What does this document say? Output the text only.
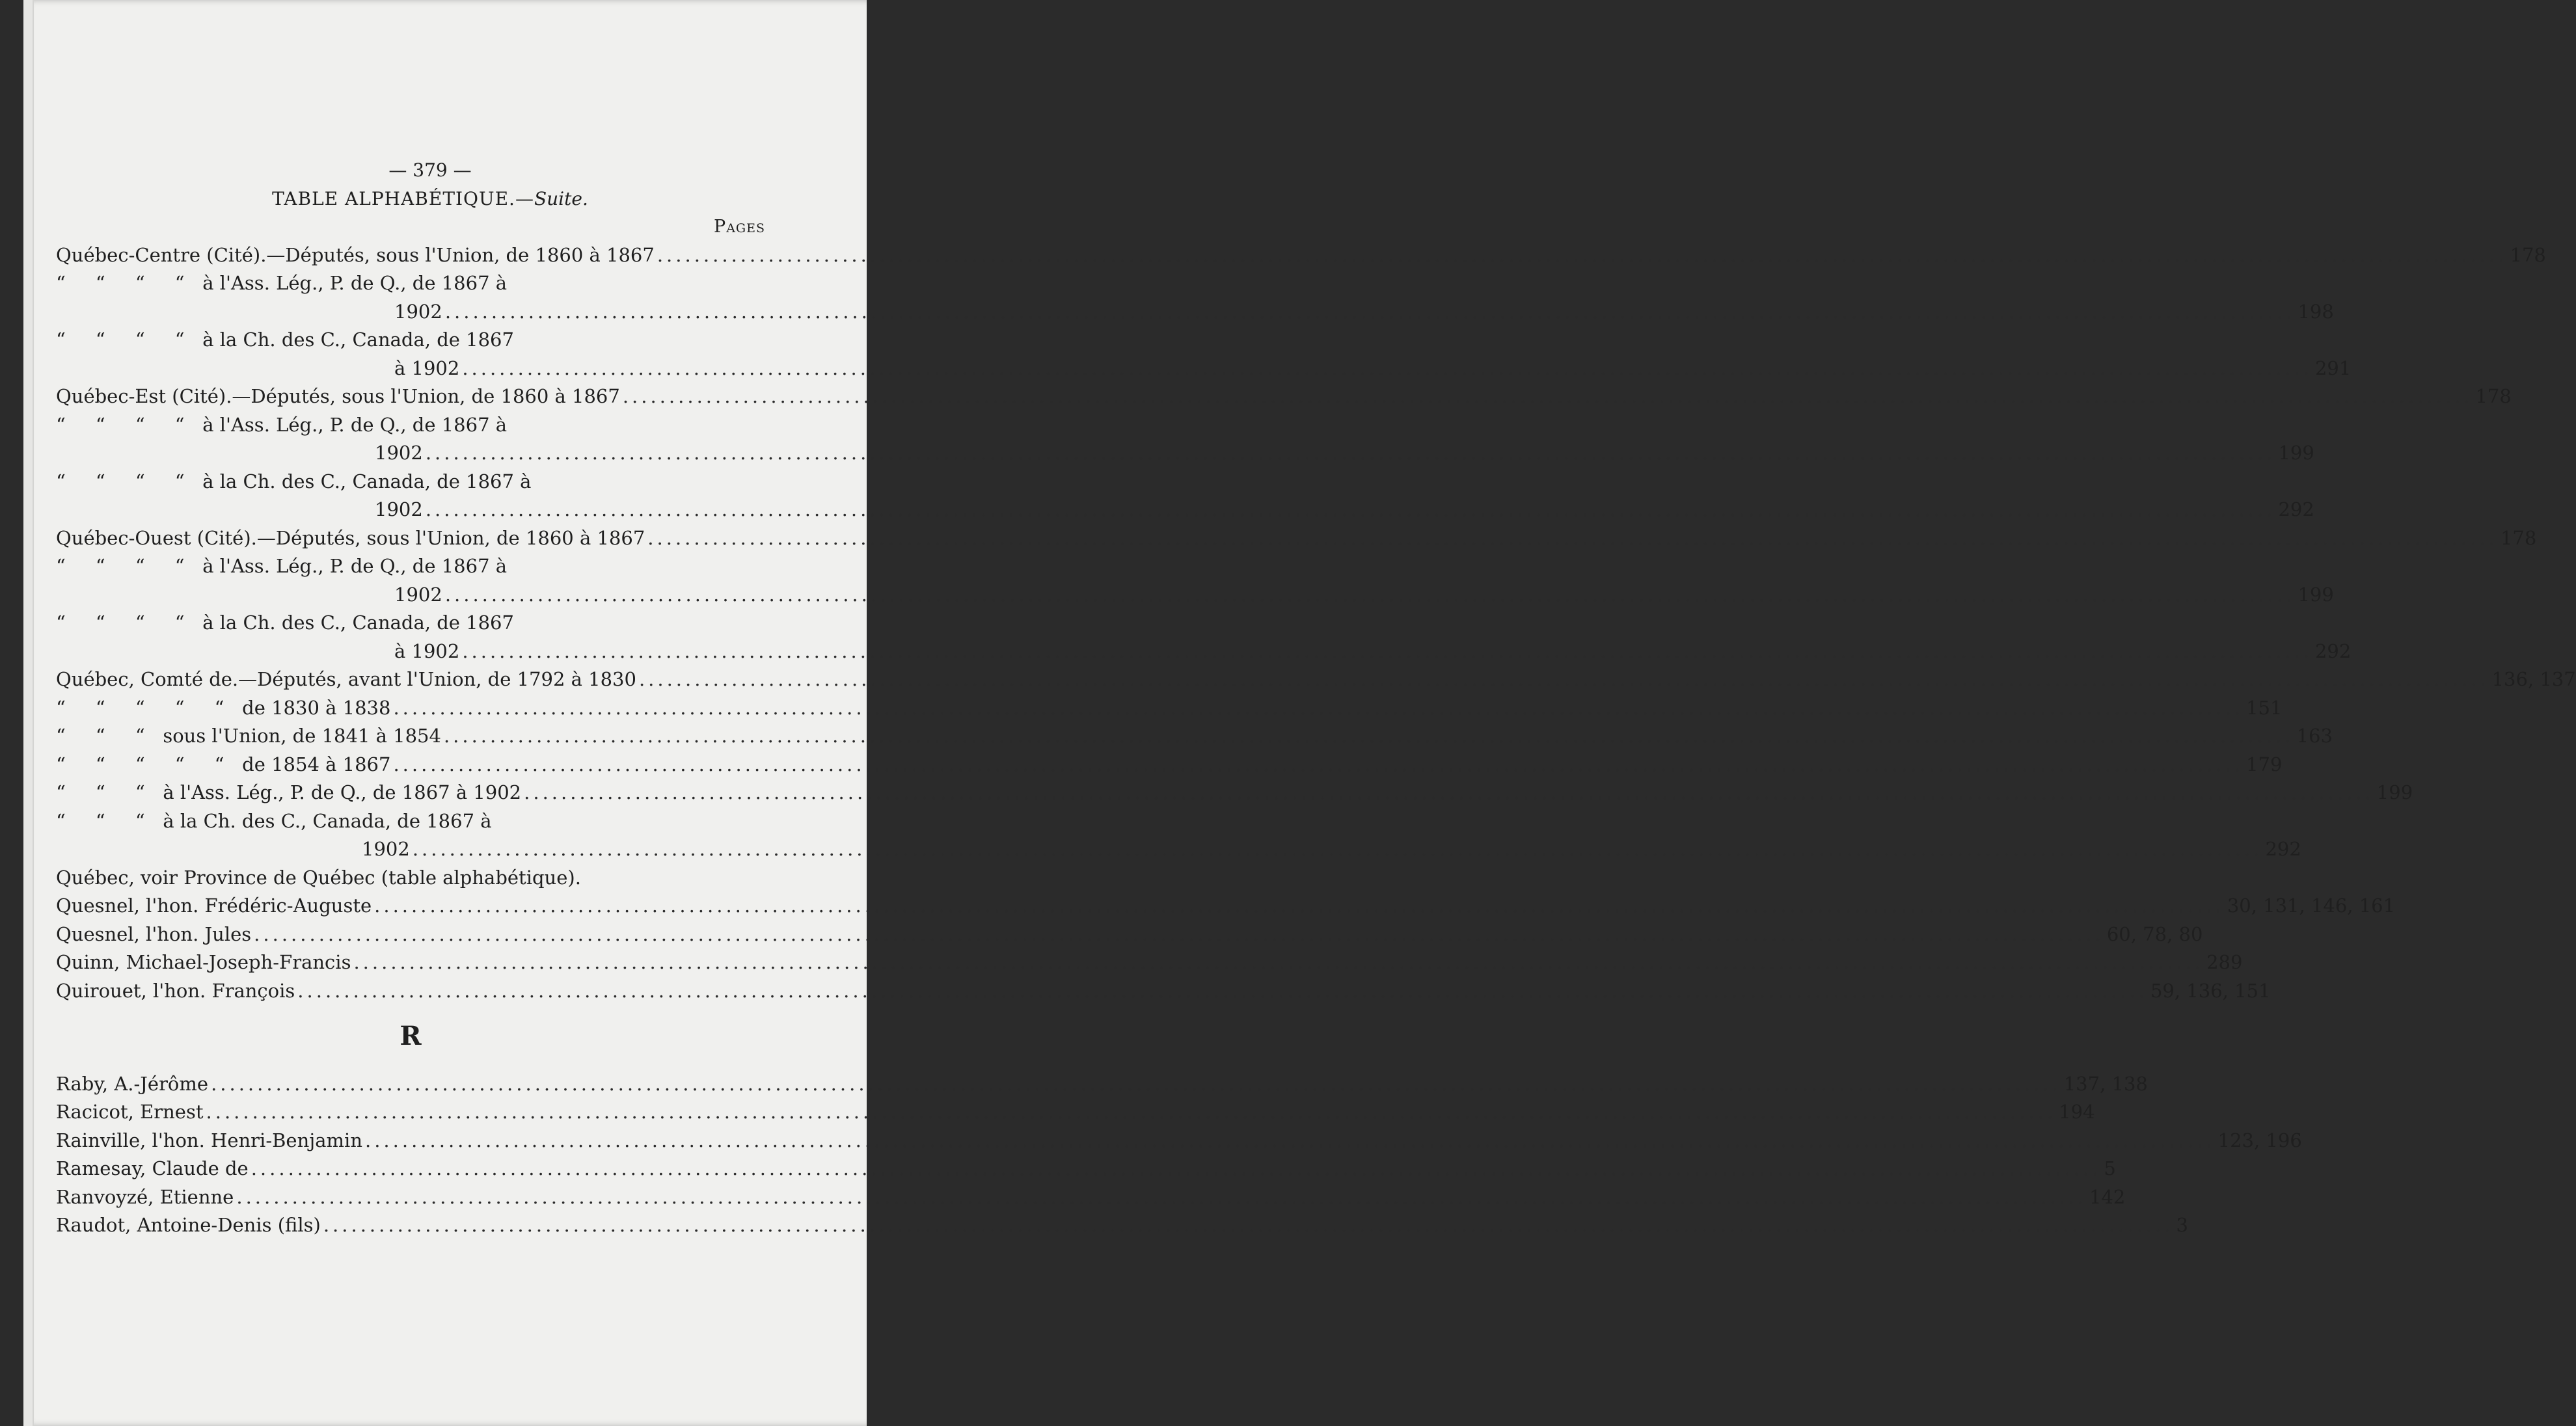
— 379 —
TABLE ALPHABÉTIQUE.—Suite.
Pages
Québec-Centre (Cité).—Députés, sous l'Union, de 1860 à 1867 ........................................................................................................................................................................................................ 178
“     “     “     “   à l'Ass. Lég., P. de Q., de 1867 à
1902 ........................................................................................................................................................................................................ 198
“     “     “     “   à la Ch. des C., Canada, de 1867
à 1902 ........................................................................................................................................................................................................ 291
Québec-Est (Cité).—Députés, sous l'Union, de 1860 à 1867 ........................................................................................................................................................................................................ 178
“     “     “     “   à l'Ass. Lég., P. de Q., de 1867 à
1902 ........................................................................................................................................................................................................ 199
“     “     “     “   à la Ch. des C., Canada, de 1867 à
1902 ........................................................................................................................................................................................................ 292
Québec-Ouest (Cité).—Députés, sous l'Union, de 1860 à 1867 ........................................................................................................................................................................................................ 178
“     “     “     “   à l'Ass. Lég., P. de Q., de 1867 à
1902 ........................................................................................................................................................................................................ 199
“     “     “     “   à la Ch. des C., Canada, de 1867
à 1902 ........................................................................................................................................................................................................ 292
Québec, Comté de.—Députés, avant l'Union, de 1792 à 1830 ........................................................................................................................................................................................................ 136, 137
“     “     “     “     “   de 1830 à 1838 ........................................................................................................................................................................................................ 151
“     “     “   sous l'Union, de 1841 à 1854 ........................................................................................................................................................................................................ 163
“     “     “     “     “   de 1854 à 1867 ........................................................................................................................................................................................................ 179
“     “     “   à l'Ass. Lég., P. de Q., de 1867 à 1902 ........................................................................................................................................................................................................ 199
“     “     “   à la Ch. des C., Canada, de 1867 à
1902 ........................................................................................................................................................................................................ 292
Québec, voir Province de Québec (table alphabétique).
Quesnel, l'hon. Frédéric-Auguste ........................................................................................................................................................................................................ 30, 131, 146, 161
Quesnel, l'hon. Jules ........................................................................................................................................................................................................ 60, 78, 80
Quinn, Michael-Joseph-Francis ........................................................................................................................................................................................................ 289
Quirouet, l'hon. François ........................................................................................................................................................................................................ 59, 136, 151
R
Raby, A.-Jérôme ........................................................................................................................................................................................................ 137, 138
Racicot, Ernest ........................................................................................................................................................................................................ 194
Rainville, l'hon. Henri-Benjamin ........................................................................................................................................................................................................ 123, 196
Ramesay, Claude de ........................................................................................................................................................................................................ 5
Ranvoyzé, Etienne ........................................................................................................................................................................................................ 142
Raudot, Antoine-Denis (fils) ........................................................................................................................................................................................................ 3
